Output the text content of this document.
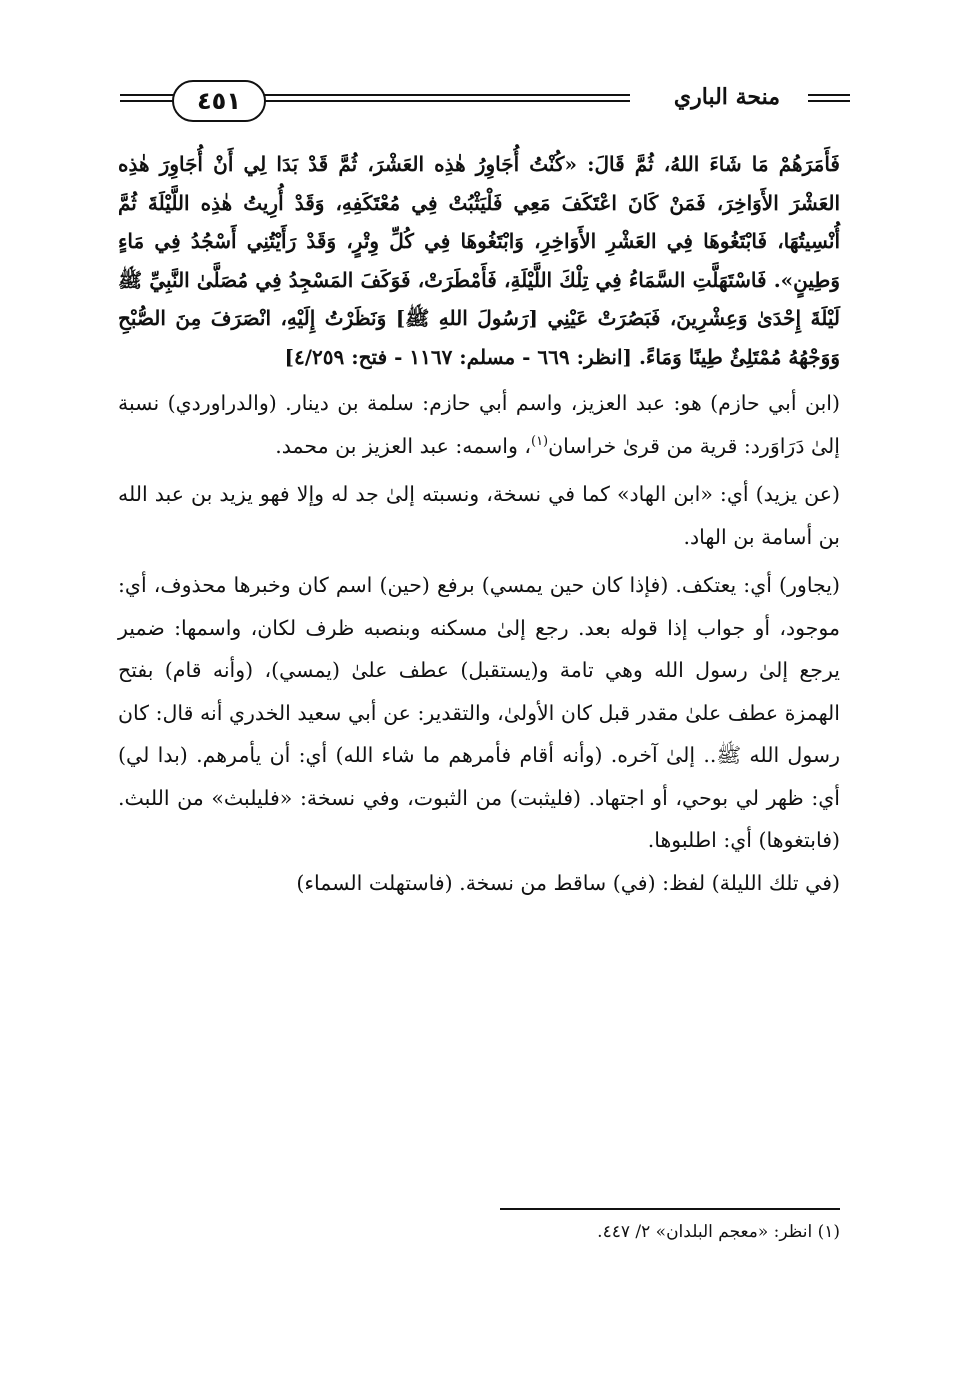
منحة الباري
٤٥١

فَأَمَرَهُمْ مَا شَاءَ اللهُ، ثُمَّ قَالَ: «كُنْتُ أُجَاوِرُ هٰذِه العَشْرَ، ثُمَّ قَدْ بَدَا لِي أَنْ أُجَاوِرَ هٰذِه العَشْرَ الأَوَاخِرَ، فَمَنْ كَانَ اعْتَكَفَ مَعِي فَلْيَثْبُتْ فِي مُعْتَكَفِهِ، وَقَدْ أُرِيتُ هٰذِه اللَّيْلَةَ ثُمَّ أُنْسِيتُهَا، فَابْتَغُوهَا فِي العَشْرِ الأَوَاخِرِ، وَابْتَغُوهَا فِي كُلِّ وِتْرٍ، وَقَدْ رَأَيْتُنِي أَسْجُدُ فِي مَاءٍ وَطِينٍ». فَاسْتَهَلَّتِ السَّمَاءُ فِي تِلْكَ اللَّيْلَةِ، فَأَمْطَرَتْ، فَوَكَفَ المَسْجِدُ فِي مُصَلَّىٰ النَّبِيِّ ﷺ لَيْلَةَ إِحْدَىٰ وَعِشْرِينَ، فَبَصُرَتْ عَيْنِي [رَسُولَ اللهِ ﷺ] وَنَظَرْتُ إِلَيْهِ، انْصَرَفَ مِنَ الصُّبْحِ وَوَجْهُهُ مُمْتَلِئٌ طِينًا وَمَاءً. [انظر: ٦٦٩ - مسلم: ١١٦٧ - فتح: ٤/٢٥٩]

(ابن أبي حازم) هو: عبد العزيز، واسم أبي حازم: سلمة بن دينار. (والدراوردي) نسبة إلىٰ دَرَاوَرد: قرية من قرىٰ خراسان$^{(١)}$، واسمه: عبد العزيز بن محمد.

(عن يزيد) أي: «ابن الهاد» كما في نسخة، ونسبته إلىٰ جد له وإلا فهو يزيد بن عبد الله بن أسامة بن الهاد.

(يجاور) أي: يعتكف. (فإذا كان حين يمسي) برفع (حين) اسم كان وخبرها محذوف، أي: موجود، أو جواب إذا قوله بعد. رجع إلىٰ مسكنه وبنصبه ظرف لكان، واسمها: ضمير يرجع إلىٰ رسول الله وهي تامة و(يستقبل) عطف علىٰ (يمسي)، (وأنه قام) بفتح الهمزة عطف علىٰ مقدر قبل كان الأولىٰ، والتقدير: عن أبي سعيد الخدري أنه قال: كان رسول الله ﷺ.. إلىٰ آخره. (وأنه أقام فأمرهم ما شاء الله) أي: أن يأمرهم. (بدا لي) أي: ظهر لي بوحي، أو اجتهاد. (فليثبت) من الثبوت، وفي نسخة: «فليلبث» من اللبث. (فابتغوها) أي: اطلبوها.

(في تلك الليلة) لفظ: (في) ساقط من نسخة. (فاستهلت السماء)

(١) انظر: «معجم البلدان» ٢/ ٤٤٧.
